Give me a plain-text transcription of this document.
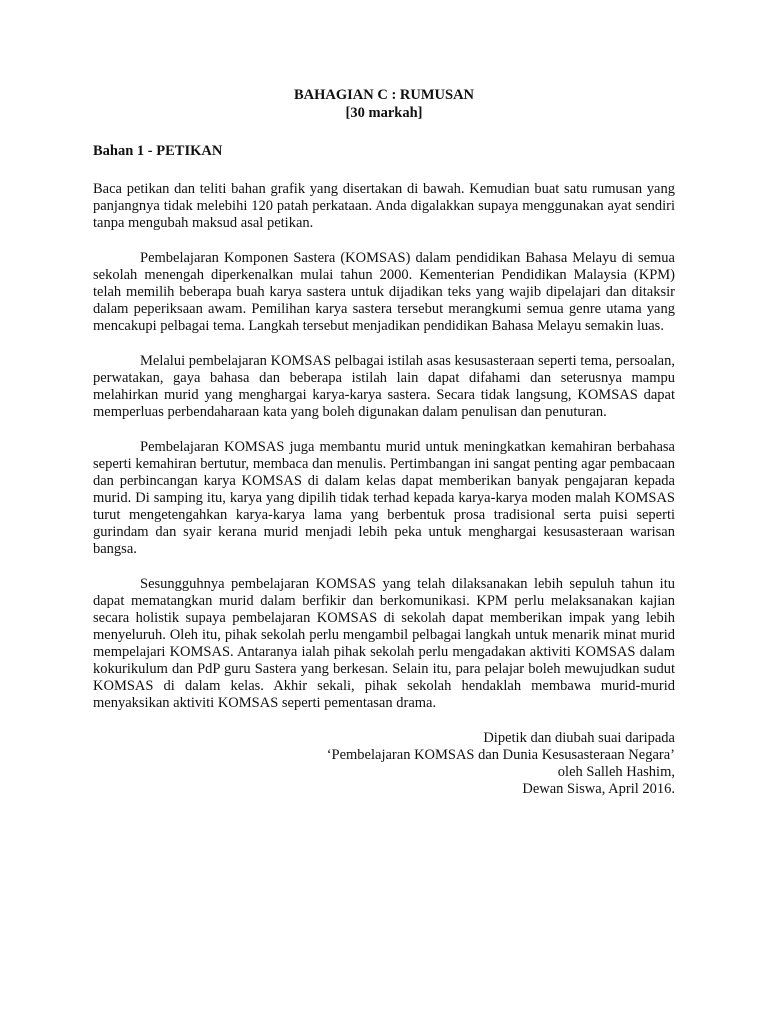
BAHAGIAN C : RUMUSAN

[30 markah]

Bahan 1 - PETIKAN

Baca petikan dan teliti bahan grafik yang disertakan di bawah. Kemudian buat satu rumusan yang panjangnya tidak melebihi 120 patah perkataan. Anda digalakkan supaya menggunakan ayat sendiri tanpa mengubah maksud asal petikan.

Pembelajaran Komponen Sastera (KOMSAS) dalam pendidikan Bahasa Melayu di semua sekolah menengah diperkenalkan mulai tahun 2000. Kementerian Pendidikan Malaysia (KPM) telah memilih beberapa buah karya sastera untuk dijadikan teks yang wajib dipelajari dan ditaksir dalam peperiksaan awam. Pemilihan karya sastera tersebut merangkumi semua genre utama yang mencakupi pelbagai tema. Langkah tersebut menjadikan pendidikan Bahasa Melayu semakin luas.

Melalui pembelajaran KOMSAS pelbagai istilah asas kesusasteraan seperti tema, persoalan, perwatakan, gaya bahasa dan beberapa istilah lain dapat difahami dan seterusnya mampu melahirkan murid yang menghargai karya-karya sastera. Secara tidak langsung, KOMSAS dapat memperluas perbendaharaan kata yang boleh digunakan dalam penulisan dan penuturan.

Pembelajaran KOMSAS juga membantu murid untuk meningkatkan kemahiran berbahasa seperti kemahiran bertutur, membaca dan menulis. Pertimbangan ini sangat penting agar pembacaan dan perbincangan karya KOMSAS di dalam kelas dapat memberikan banyak pengajaran kepada murid. Di samping itu, karya yang dipilih tidak terhad kepada karya-karya moden malah KOMSAS turut mengetengahkan karya-karya lama yang berbentuk prosa tradisional serta puisi seperti gurindam dan syair kerana murid menjadi lebih peka untuk menghargai kesusasteraan warisan bangsa.

Sesungguhnya pembelajaran KOMSAS yang telah dilaksanakan lebih sepuluh tahun itu dapat mematangkan murid dalam berfikir dan berkomunikasi. KPM perlu melaksanakan kajian secara holistik supaya pembelajaran KOMSAS di sekolah dapat memberikan impak yang lebih menyeluruh. Oleh itu, pihak sekolah perlu mengambil pelbagai langkah untuk menarik minat murid mempelajari KOMSAS. Antaranya ialah pihak sekolah perlu mengadakan aktiviti KOMSAS dalam kokurikulum dan PdP guru Sastera yang berkesan. Selain itu, para pelajar boleh mewujudkan sudut KOMSAS di dalam kelas. Akhir sekali, pihak sekolah hendaklah membawa murid-murid menyaksikan aktiviti KOMSAS seperti pementasan drama.

Dipetik dan diubah suai daripada
‘Pembelajaran KOMSAS dan Dunia Kesusasteraan Negara’
oleh Salleh Hashim,
Dewan Siswa, April 2016.
